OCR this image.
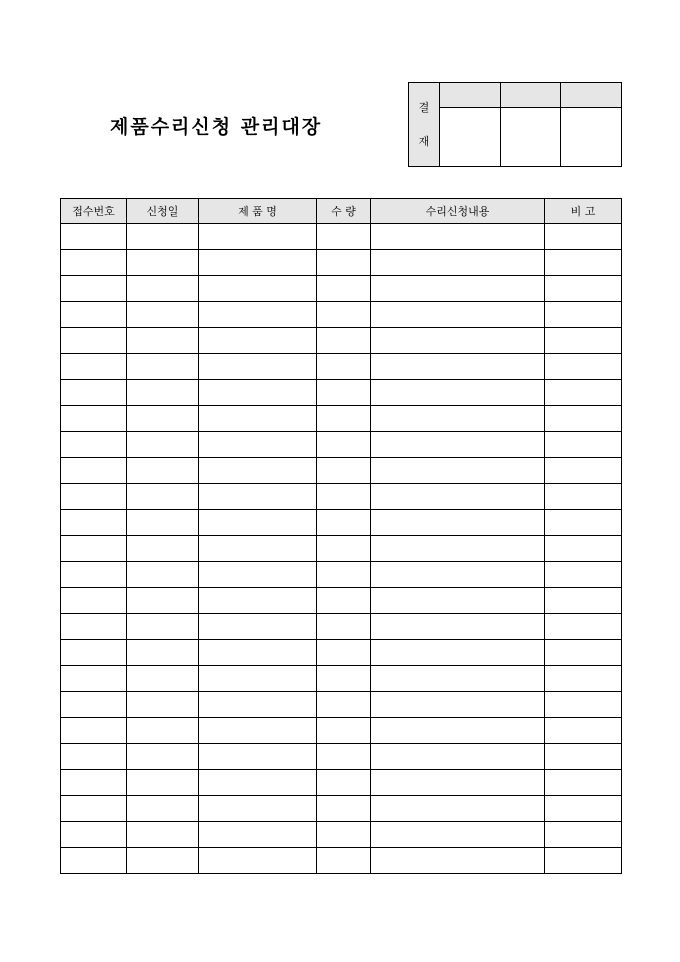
제품수리신청 관리대장
결
재			

접수번호	신청일	제 품 명	수 량	수리신청내용	비 고
